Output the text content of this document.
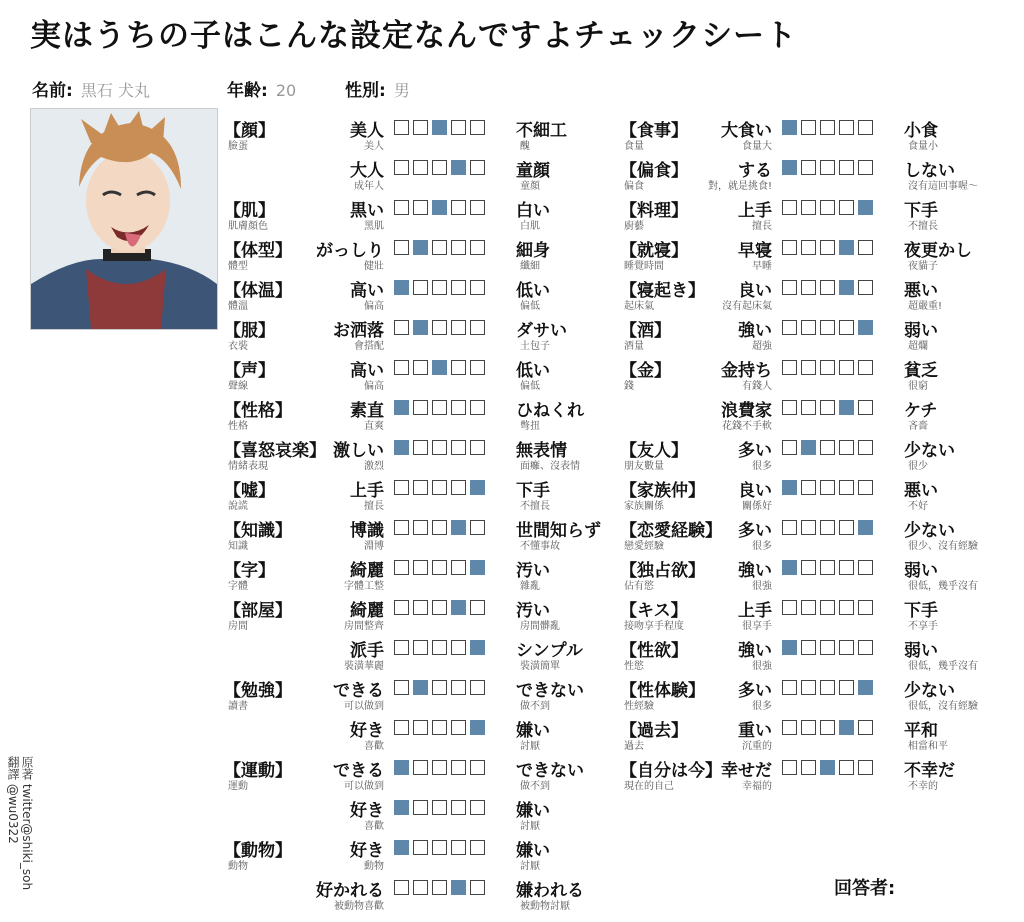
実はうちの子はこんな設定なんですよチェックシート
名前: 黒石 犬丸	年齢: 20	性別: 男
【顔】
臉蛋
美人
美人
不細工
醜
大人
成年人
童顔
童顏
【肌】
肌膚顏色
黒い
黑肌
白い
白肌
【体型】
體型
がっしり
健壯
細身
纖細
【体温】
體溫
高い
偏高
低い
偏低
【服】
衣裝
お洒落
會搭配
ダサい
土包子
【声】
聲線
高い
偏高
低い
偏低
【性格】
性格
素直
直爽
ひねくれ
彆扭
【喜怒哀楽】
情緒表現
激しい
激烈
無表情
面癱、沒表情
【嘘】
說謊
上手
擅長
下手
不擅長
【知識】
知識
博識
淵博
世間知らず
不懂事故
【字】
字體
綺麗
字體工整
汚い
雜亂
【部屋】
房間
綺麗
房間整齊
汚い
房間髒亂
派手
裝潢華麗
シンプル
裝潢簡單
【勉強】
讀書
できる
可以做到
できない
做不到
好き
喜歡
嫌い
討厭
【運動】
運動
できる
可以做到
できない
做不到
好き
喜歡
嫌い
討厭
【動物】
動物
好き
動物
嫌い
討厭
好かれる
被動物喜歡
嫌われる
被動物討厭
【食事】
食量
大食い
食量大
小食
食量小
【偏食】
偏食
する
對，就是挑食!
しない
沒有這回事喔～
【料理】
廚藝
上手
擅長
下手
不擅長
【就寝】
睡覺時間
早寝
早睡
夜更かし
夜貓子
【寝起き】
起床氣
良い
沒有起床氣
悪い
超嚴重!
【酒】
酒量
強い
超強
弱い
超爛
【金】
錢
金持ち
有錢人
貧乏
很窮
浪費家
花錢不手軟
ケチ
吝嗇
【友人】
朋友數量
多い
很多
少ない
很少
【家族仲】
家族關係
良い
關係好
悪い
不好
【恋愛経験】
戀愛經驗
多い
很多
少ない
很少、沒有經驗
【独占欲】
佔有慾
強い
很強
弱い
很低，幾乎沒有
【キス】
接吻享手程度
上手
很享手
下手
不享手
【性欲】
性慾
強い
很強
弱い
很低，幾乎沒有
【性体験】
性經驗
多い
很多
少ない
很低，沒有經驗
【過去】
過去
重い
沉重的
平和
相當和平
【自分は今】
現在的自己
幸せだ
幸福的
不幸だ
不幸的
原著 twitter@shiki_soh
翻譯 @wu0322
回答者:
